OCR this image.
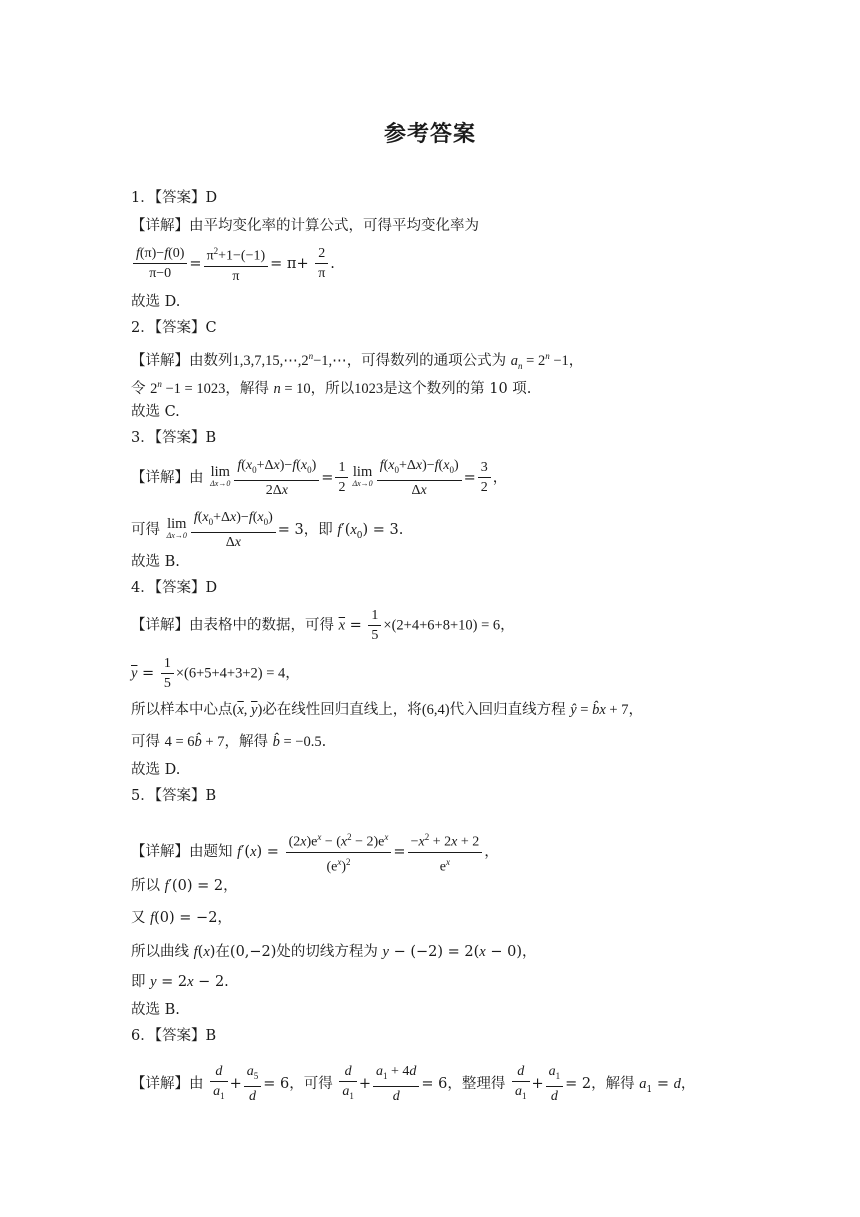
参考答案
1．【答案】D
【详解】由平均变化率的计算公式，可得平均变化率为
$\frac{f(\pi)-f(0)}{\pi-0} = \frac{\pi^2+1-(-1)}{\pi} = \pi+ \frac{2}{\pi}$ .
故选 D.
2．【答案】C
【详解】由数列$1,3,7,15,\cdots,2^n-1,\cdots$，可得数列的通项公式为 $a_n = 2^n -1$，
令 $2^n -1 = 1023$，解得 n = 10，所以1023是这个数列的第 10 项.
故选 C.
3．【答案】B
【详解】由 lim
$\Delta x\to 0 \frac{f(x_0+\Delta x)-f(x_0)}{2\Delta x} = \frac{1}{2}$ lim
$\Delta x\to 0 \frac{f(x_0+\Delta x)-f(x_0)}{\Delta x} = \frac{3}{2}$ ，
可得 lim
$\Delta x\to 0 \frac{f(x_0+\Delta x)-f(x_0)}{\Delta x} = 3$，即 $f'(x_0) = 3$.
故选 B.
4．【答案】D
【详解】由表格中的数据，可得 $\overline{x} = \frac{1}{5} \times(2+4+6+8+10) = 6$，
$\overline{y} = \frac{1}{5} \times(6+5+4+3+2) = 4$，
所以样本中心点($\overline{x}$, $\overline{y}$)必在线性回归直线上，将(6,4)代入回归直线方程 ŷ = b̂x + 7，
可得 4 = 6b̂ + 7，解得 b̂ = −0.5.
故选 D.
5．【答案】B
【详解】由题知 $f'(x) = \frac{(2x)e^x - (x^2 - 2)e^x}{(e^x)^2} = \frac{-x^2 + 2x + 2}{e^x}$ ，
所以 f′(0) = 2，
又 f(0) = −2，
所以曲线 f(x)在(0,−2)处的切线方程为 y − (−2) = 2(x − 0)，
即 y = 2x − 2.
故选 B.
6．【答案】B
【详解】由 $\frac{d}{a_1} + \frac{a_5}{d} = 6$，可得 $\frac{d}{a_1} + \frac{a_1 + 4d}{d} = 6$，整理得 $\frac{d}{a_1} + \frac{a_1}{d} = 2$，解得 $a_1 = d$，
